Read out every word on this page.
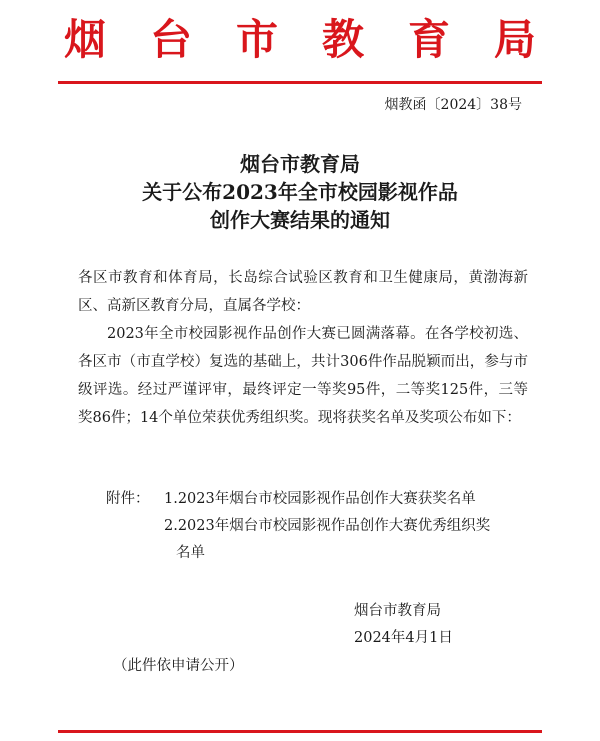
烟 台 市 教 育 局
烟教函〔2024〕38号
烟台市教育局
关于公布2023年全市校园影视作品
创作大赛结果的通知

各区市教育和体育局，长岛综合试验区教育和卫生健康局，黄渤海新区、高新区教育分局，直属各学校：

2023年全市校园影视作品创作大赛已圆满落幕。在各学校初选、各区市（市直学校）复选的基础上，共计306件作品脱颖而出，参与市级评选。经过严谨评审，最终评定一等奖95件，二等奖125件，三等奖86件；14个单位荣获优秀组织奖。现将获奖名单及奖项公布如下：

附件：	1.2023年烟台市校园影视作品创作大赛获奖名单
2.2023年烟台市校园影视作品创作大赛优秀组织奖
名单
烟台市教育局
2024年4月1日
（此件依申请公开）
